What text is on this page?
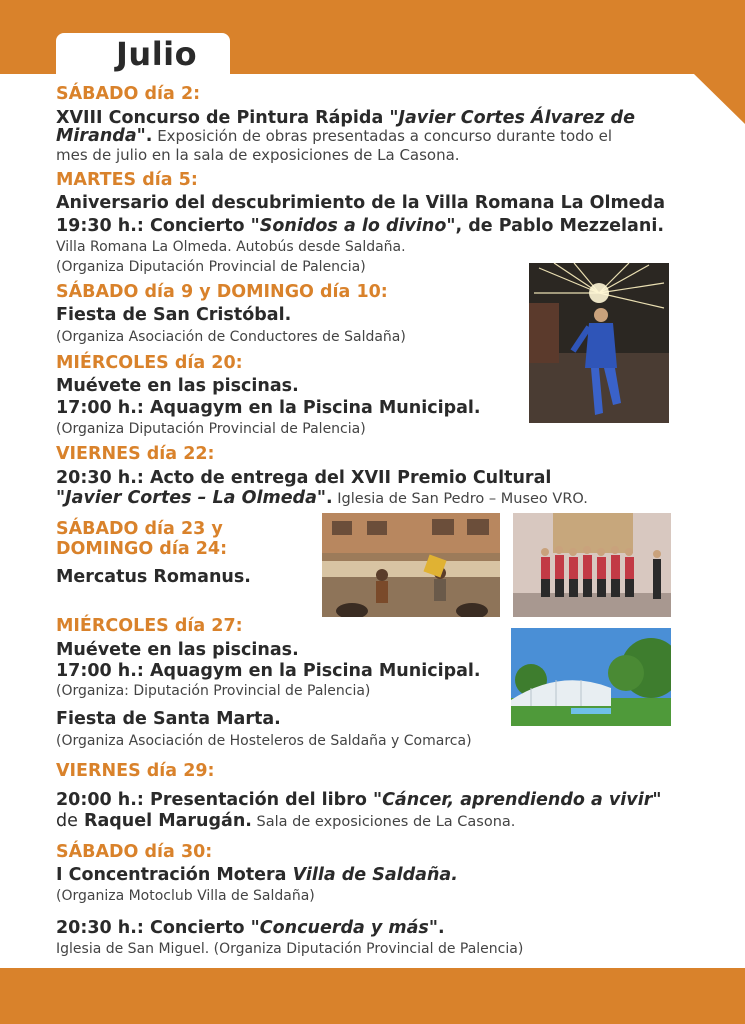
Julio
SÁBADO día 2:
XVIII Concurso de Pintura Rápida "Javier Cortes Álvarez de
Miranda". Exposición de obras presentadas a concurso durante todo el
mes de julio en la sala de exposiciones de La Casona.
MARTES día 5:
Aniversario del descubrimiento de la Villa Romana La Olmeda
19:30 h.: Concierto "Sonidos a lo divino", de Pablo Mezzelani.
Villa Romana La Olmeda. Autobús desde Saldaña.
(Organiza Diputación Provincial de Palencia)
SÁBADO día 9 y DOMINGO día 10:
Fiesta de San Cristóbal.
(Organiza Asociación de Conductores de Saldaña)
MIÉRCOLES día 20:
Muévete en las piscinas.
17:00 h.: Aquagym en la Piscina Municipal.
(Organiza Diputación Provincial de Palencia)
VIERNES día 22:
20:30 h.: Acto de entrega del XVII Premio Cultural
"Javier Cortes – La Olmeda". Iglesia de San Pedro – Museo VRO.
SÁBADO día 23 y
DOMINGO día 24:
Mercatus Romanus.
MIÉRCOLES día 27:
Muévete en las piscinas.
17:00 h.: Aquagym en la Piscina Municipal.
(Organiza: Diputación Provincial de Palencia)
Fiesta de Santa Marta.
(Organiza Asociación de Hosteleros de Saldaña y Comarca)
VIERNES día 29:
20:00 h.: Presentación del libro "Cáncer, aprendiendo a vivir"
de Raquel Marugán. Sala de exposiciones de La Casona.
SÁBADO día 30:
I Concentración Motera Villa de Saldaña.
(Organiza Motoclub Villa de Saldaña)
20:30 h.: Concierto "Concuerda y más".
Iglesia de San Miguel. (Organiza Diputación Provincial de Palencia)
